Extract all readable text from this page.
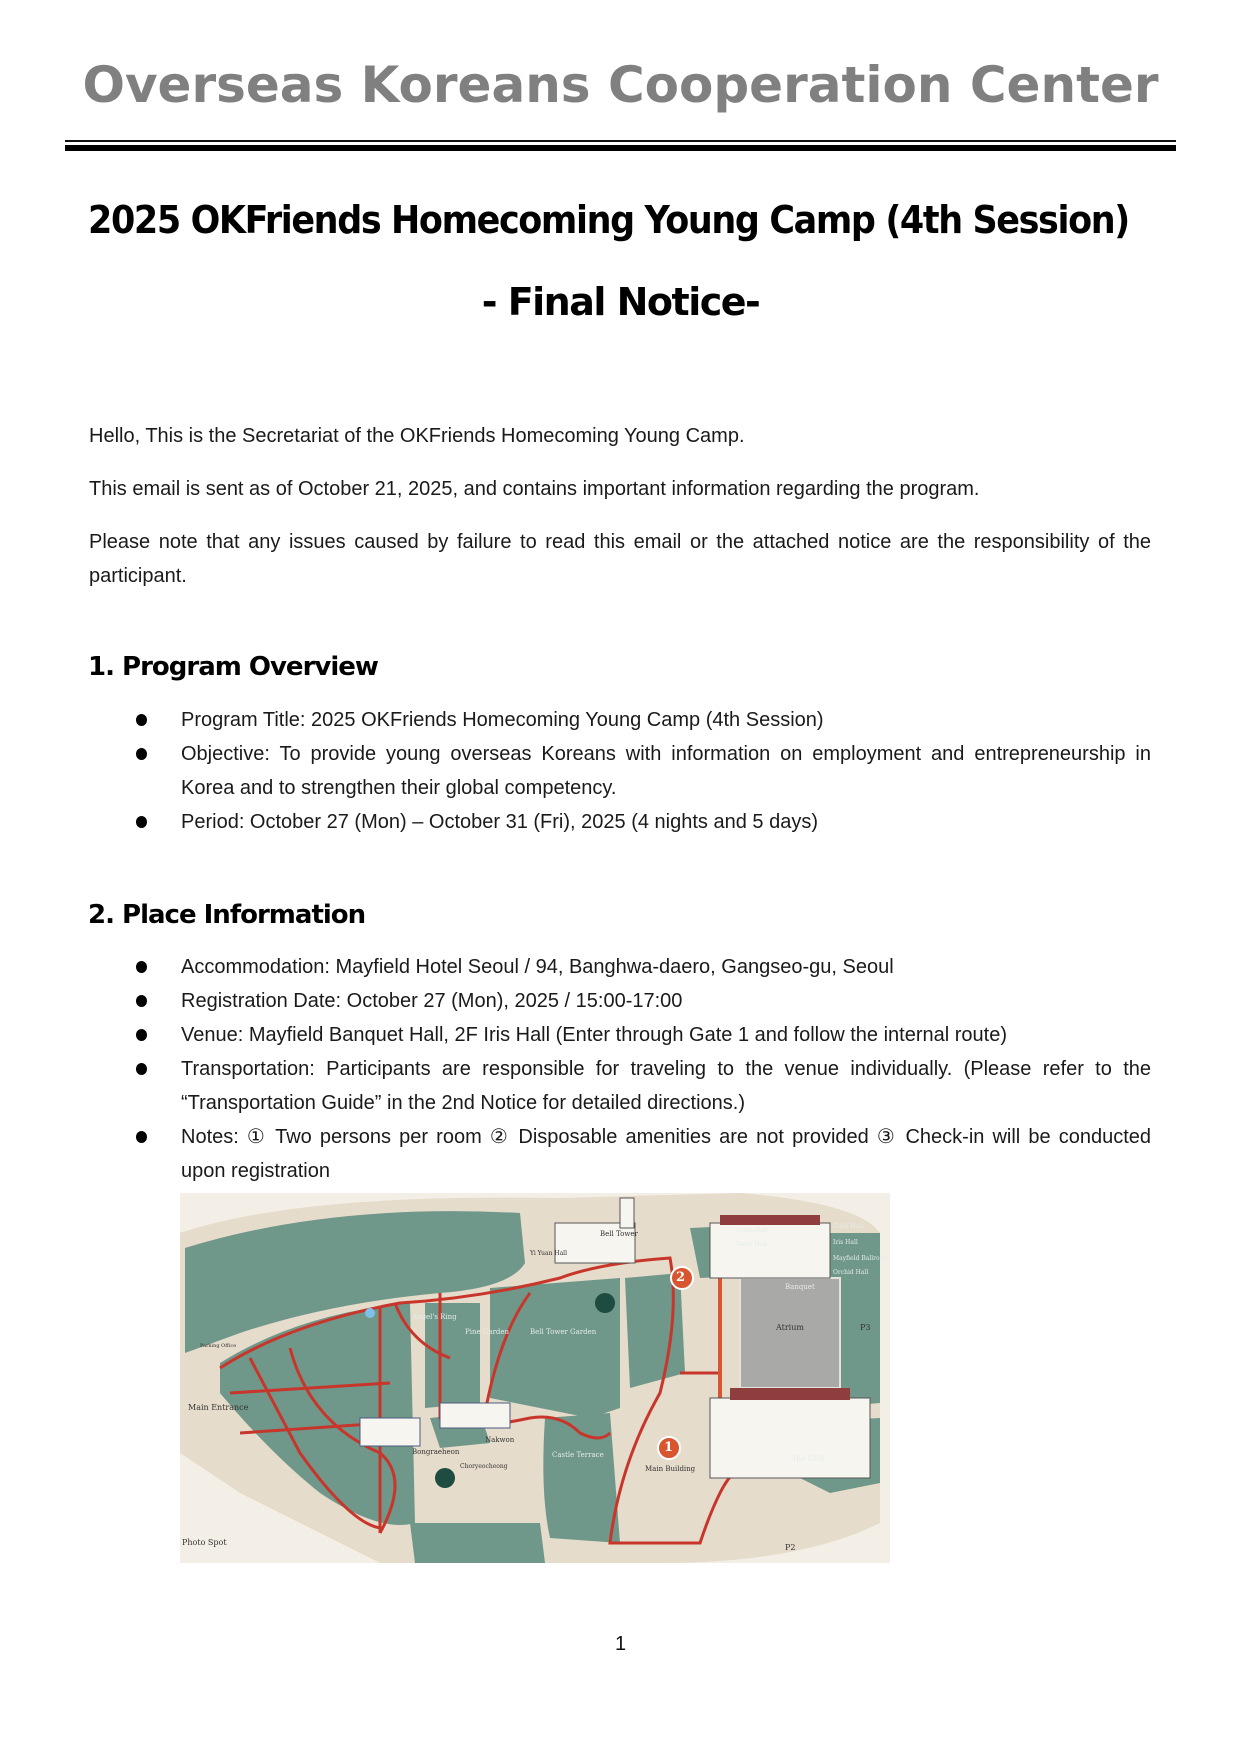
Overseas Koreans Cooperation Center
2025 OKFriends Homecoming Young Camp (4th Session)
- Final Notice-
Hello, This is the Secretariat of the OKFriends Homecoming Young Camp.
This email is sent as of October 21, 2025, and contains important information regarding the program.
Please note that any issues caused by failure to read this email or the attached notice are the responsibility of the participant.
1. Program Overview
Program Title: 2025 OKFriends Homecoming Young Camp (4th Session)
Objective: To provide young overseas Koreans with information on employment and entrepreneurship in Korea and to strengthen their global competency.
Period: October 27 (Mon) – October 31 (Fri), 2025 (4 nights and 5 days)
2. Place Information
Accommodation: Mayfield Hotel Seoul / 94, Banghwa-daero, Gangseo-gu, Seoul
Registration Date: October 27 (Mon), 2025 / 15:00-17:00
Venue: Mayfield Banquet Hall, 2F Iris Hall (Enter through Gate 1 and follow the internal route)
Transportation: Participants are responsible for traveling to the venue individually. (Please refer to the “Transportation Guide” in the 2nd Notice for detailed directions.)
Notes: ① Two persons per room ② Disposable amenities are not provided ③ Check-in will be conducted upon registration
2
1
Angel's Ring
Bell Tower
Yi Yuan Hall
Lotus Hall
Daisy Hall
Calla Hall
Iris Hall
Mayfield Ballroom
Orchid Hall
Banquet
Pine Garden	Bell Tower Garden	Atrium	P3
P2
Parking Office
Main Entrance
Bongraeheon
Nakwon
Choryeocheong
Castle Terrace
Main Building
The KEW
Photo Spot
1
